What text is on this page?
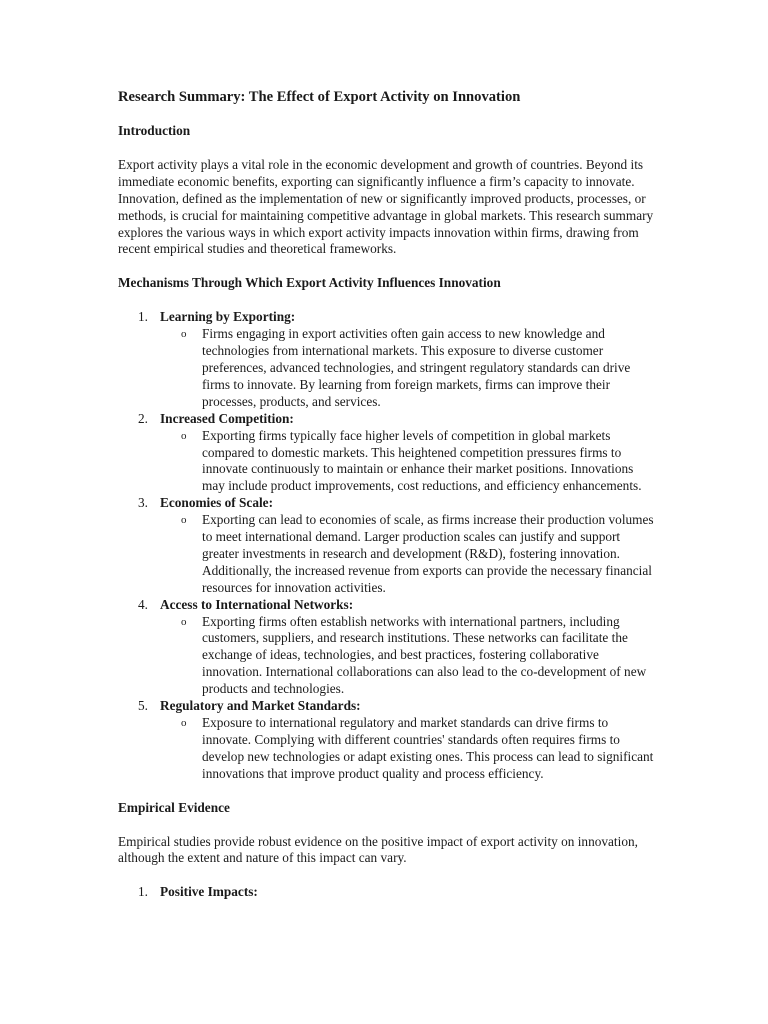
Research Summary: The Effect of Export Activity on Innovation
Introduction

Export activity plays a vital role in the economic development and growth of countries. Beyond its immediate economic benefits, exporting can significantly influence a firm’s capacity to innovate. Innovation, defined as the implementation of new or significantly improved products, processes, or methods, is crucial for maintaining competitive advantage in global markets. This research summary explores the various ways in which export activity impacts innovation within firms, drawing from recent empirical studies and theoretical frameworks.

Mechanisms Through Which Export Activity Influences Innovation
1. Learning by Exporting:
o Firms engaging in export activities often gain access to new knowledge and technologies from international markets. This exposure to diverse customer preferences, advanced technologies, and stringent regulatory standards can drive firms to innovate. By learning from foreign markets, firms can improve their processes, products, and services.
2. Increased Competition:
o Exporting firms typically face higher levels of competition in global markets compared to domestic markets. This heightened competition pressures firms to innovate continuously to maintain or enhance their market positions. Innovations may include product improvements, cost reductions, and efficiency enhancements.
3. Economies of Scale:
o Exporting can lead to economies of scale, as firms increase their production volumes to meet international demand. Larger production scales can justify and support greater investments in research and development (R&D), fostering innovation. Additionally, the increased revenue from exports can provide the necessary financial resources for innovation activities.
4. Access to International Networks:
o Exporting firms often establish networks with international partners, including customers, suppliers, and research institutions. These networks can facilitate the exchange of ideas, technologies, and best practices, fostering collaborative innovation. International collaborations can also lead to the co-development of new products and technologies.
5. Regulatory and Market Standards:
o Exposure to international regulatory and market standards can drive firms to innovate. Complying with different countries' standards often requires firms to develop new technologies or adapt existing ones. This process can lead to significant innovations that improve product quality and process efficiency.
Empirical Evidence

Empirical studies provide robust evidence on the positive impact of export activity on innovation, although the extent and nature of this impact can vary.

1. Positive Impacts:
